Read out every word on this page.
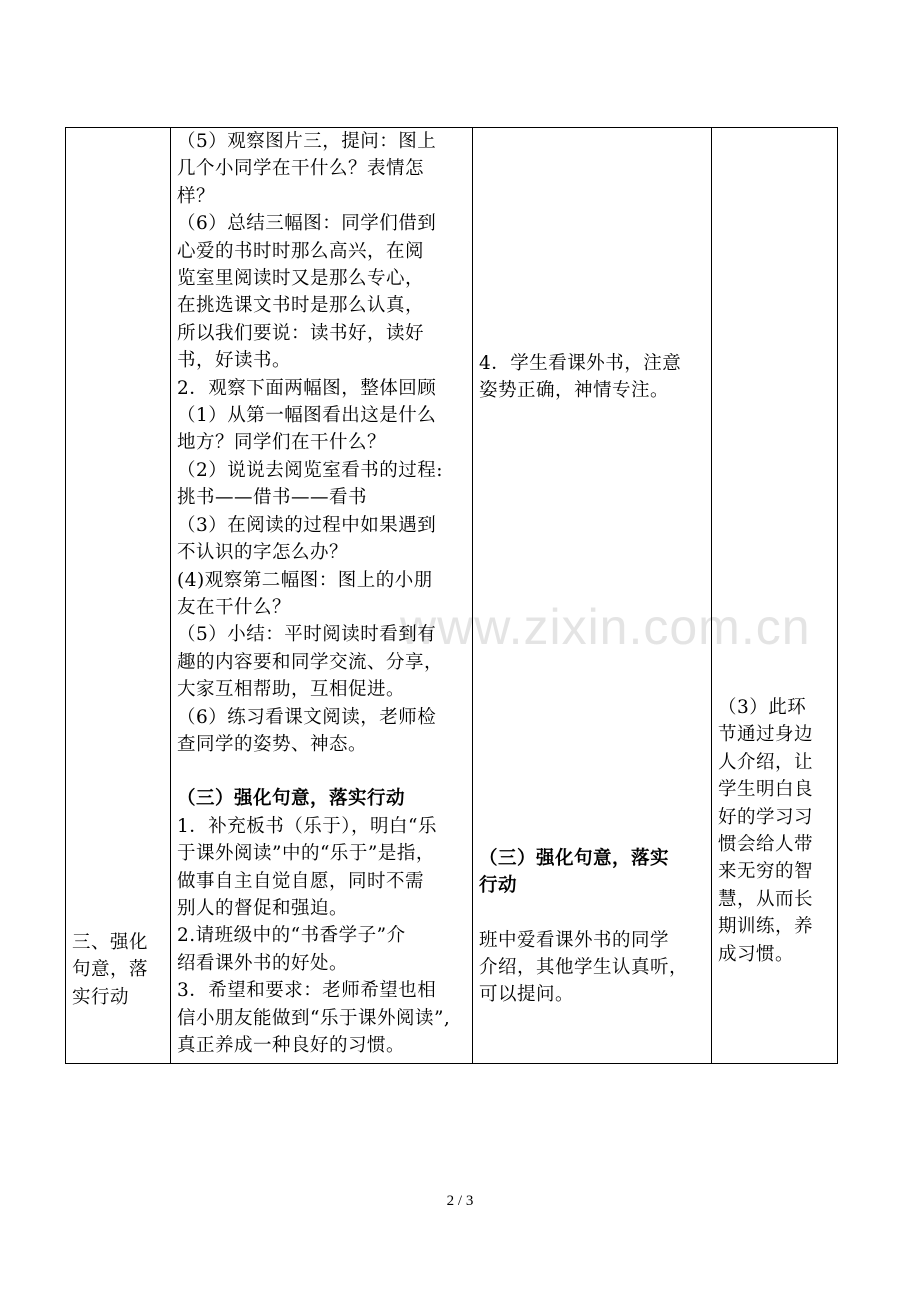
www.zixin.com.cn
三、强化
句意，落
实行动

（5）观察图片三，提问：图上
几个小同学在干什么？表情怎
样？
（6）总结三幅图：同学们借到
心爱的书时时那么高兴，在阅
览室里阅读时又是那么专心，
在挑选课文书时是那么认真，
所以我们要说：读书好，读好
书，好读书。
2．观察下面两幅图，整体回顾
（1）从第一幅图看出这是什么
地方？同学们在干什么？
（2）说说去阅览室看书的过程:
挑书——借书——看书
（3）在阅读的过程中如果遇到
不认识的字怎么办？
(4)观察第二幅图：图上的小朋
友在干什么？
（5）小结：平时阅读时看到有
趣的内容要和同学交流、分享，
大家互相帮助，互相促进。
（6）练习看课文阅读，老师检
查同学的姿势、神态。
（三）强化句意，落实行动
1．补充板书（乐于），明白“乐
于课外阅读”中的“乐于”是指，
做事自主自觉自愿，同时不需
别人的督促和强迫。
2.请班级中的“书香学子”介
绍看课外书的好处。
3．希望和要求：老师希望也相
信小朋友能做到“乐于课外阅读”,
真正养成一种良好的习惯。

4．学生看课外书，注意
姿势正确，神情专注。
（三）强化句意，落实
行动
班中爱看课外书的同学
介绍，其他学生认真听，
可以提问。

（3）此环
节通过身边
人介绍，让
学生明白良
好的学习习
惯会给人带
来无穷的智
慧，从而长
期训练，养
成习惯。
2 / 3
